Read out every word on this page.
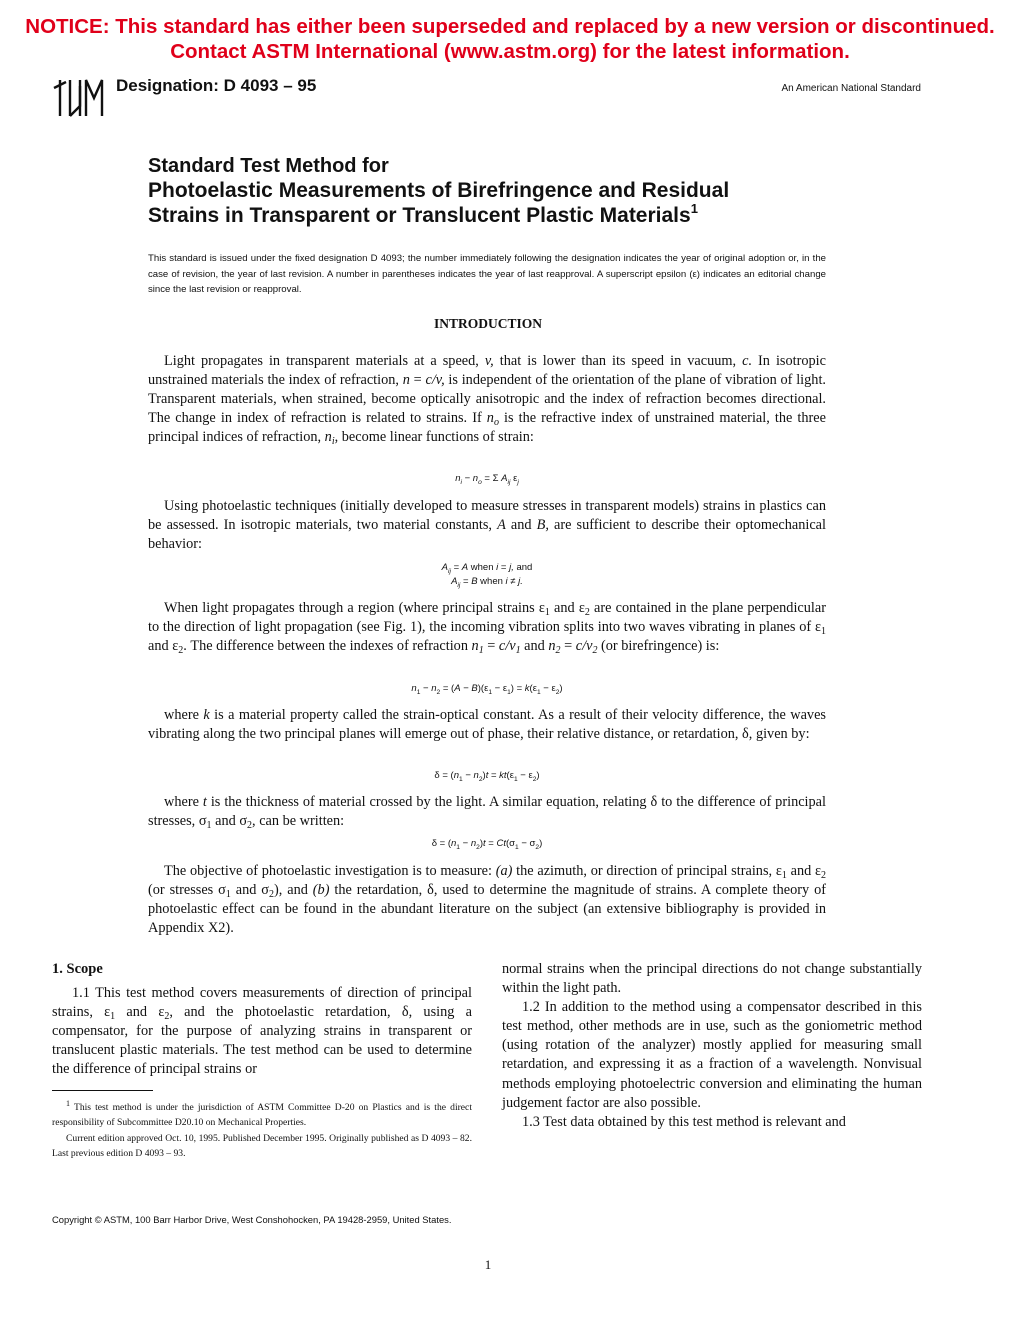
NOTICE: This standard has either been superseded and replaced by a new version or discontinued.
Contact ASTM International (www.astm.org) for the latest information.
Designation: D 4093 – 95	An American National Standard
Standard Test Method for
Photoelastic Measurements of Birefringence and Residual
Strains in Transparent or Translucent Plastic Materials$^1$
This standard is issued under the fixed designation D 4093; the number immediately following the designation indicates the year of original adoption or, in the case of revision, the year of last revision. A number in parentheses indicates the year of last reapproval. A superscript epsilon (ε) indicates an editorial change since the last revision or reapproval.
INTRODUCTION

Light propagates in transparent materials at a speed, v, that is lower than its speed in vacuum, c. In isotropic unstrained materials the index of refraction, n = c/v, is independent of the orientation of the plane of vibration of light. Transparent materials, when strained, become optically anisotropic and the index of refraction becomes directional. The change in index of refraction is related to strains. If $n_o$ is the refractive index of unstrained material, the three principal indices of refraction, $n_i$, become linear functions of strain:

$n_i - n_o = \Sigma$ $A_{ij}$ $\varepsilon_j$

Using photoelastic techniques (initially developed to measure stresses in transparent models) strains in plastics can be assessed. In isotropic materials, two material constants, A and B, are sufficient to describe their optomechanical behavior:

$A_{ij} = A$ when i = j, and
$A_{ij} = B$ when i ≠ j.

When light propagates through a region (where principal strains $\varepsilon_1$ and $\varepsilon_2$ are contained in the plane perpendicular to the direction of light propagation (see Fig. 1), the incoming vibration splits into two waves vibrating in planes of $\varepsilon_1$ and $\varepsilon_2$. The difference between the indexes of refraction $n_1 = c/v_1$ and $n_2 = c/v_2$ (or birefringence) is:

$n_1 - n_2 = (A - B)(\varepsilon_1 - \varepsilon_1) = k(\varepsilon_1 - \varepsilon_2)$

where k is a material property called the strain-optical constant. As a result of their velocity difference, the waves vibrating along the two principal planes will emerge out of phase, their relative distance, or retardation, δ, given by:

$\delta = (n_1 - n_2)t = kt(\varepsilon_1 - \varepsilon_2)$

where t is the thickness of material crossed by the light. A similar equation, relating δ to the difference of principal stresses, $\sigma_1$ and $\sigma_2$, can be written:

$\delta = (n_1 - n_2)t = Ct(\sigma_1 - \sigma_2)$

The objective of photoelastic investigation is to measure: (a) the azimuth, or direction of principal strains, $\varepsilon_1$ and $\varepsilon_2$ (or stresses $\sigma_1$ and $\sigma_2$), and (b) the retardation, δ, used to determine the magnitude of strains. A complete theory of photoelastic effect can be found in the abundant literature on the subject (an extensive bibliography is provided in Appendix X2).

1. Scope

1.1 This test method covers measurements of direction of principal strains, $\varepsilon_1$ and $\varepsilon_2$, and the photoelastic retardation, δ, using a compensator, for the purpose of analyzing strains in transparent or translucent plastic materials. The test method can be used to determine the difference of principal strains or

$^1$ This test method is under the jurisdiction of ASTM Committee D-20 on Plastics and is the direct responsibility of Subcommittee D20.10 on Mechanical Properties.

Current edition approved Oct. 10, 1995. Published December 1995. Originally published as D 4093 – 82. Last previous edition D 4093 – 93.

normal strains when the principal directions do not change substantially within the light path.

1.2 In addition to the method using a compensator described in this test method, other methods are in use, such as the goniometric method (using rotation of the analyzer) mostly applied for measuring small retardation, and expressing it as a fraction of a wavelength. Nonvisual methods employing photoelectric conversion and eliminating the human judgement factor are also possible.

1.3 Test data obtained by this test method is relevant and

Copyright © ASTM, 100 Barr Harbor Drive, West Conshohocken, PA 19428-2959, United States.
1
